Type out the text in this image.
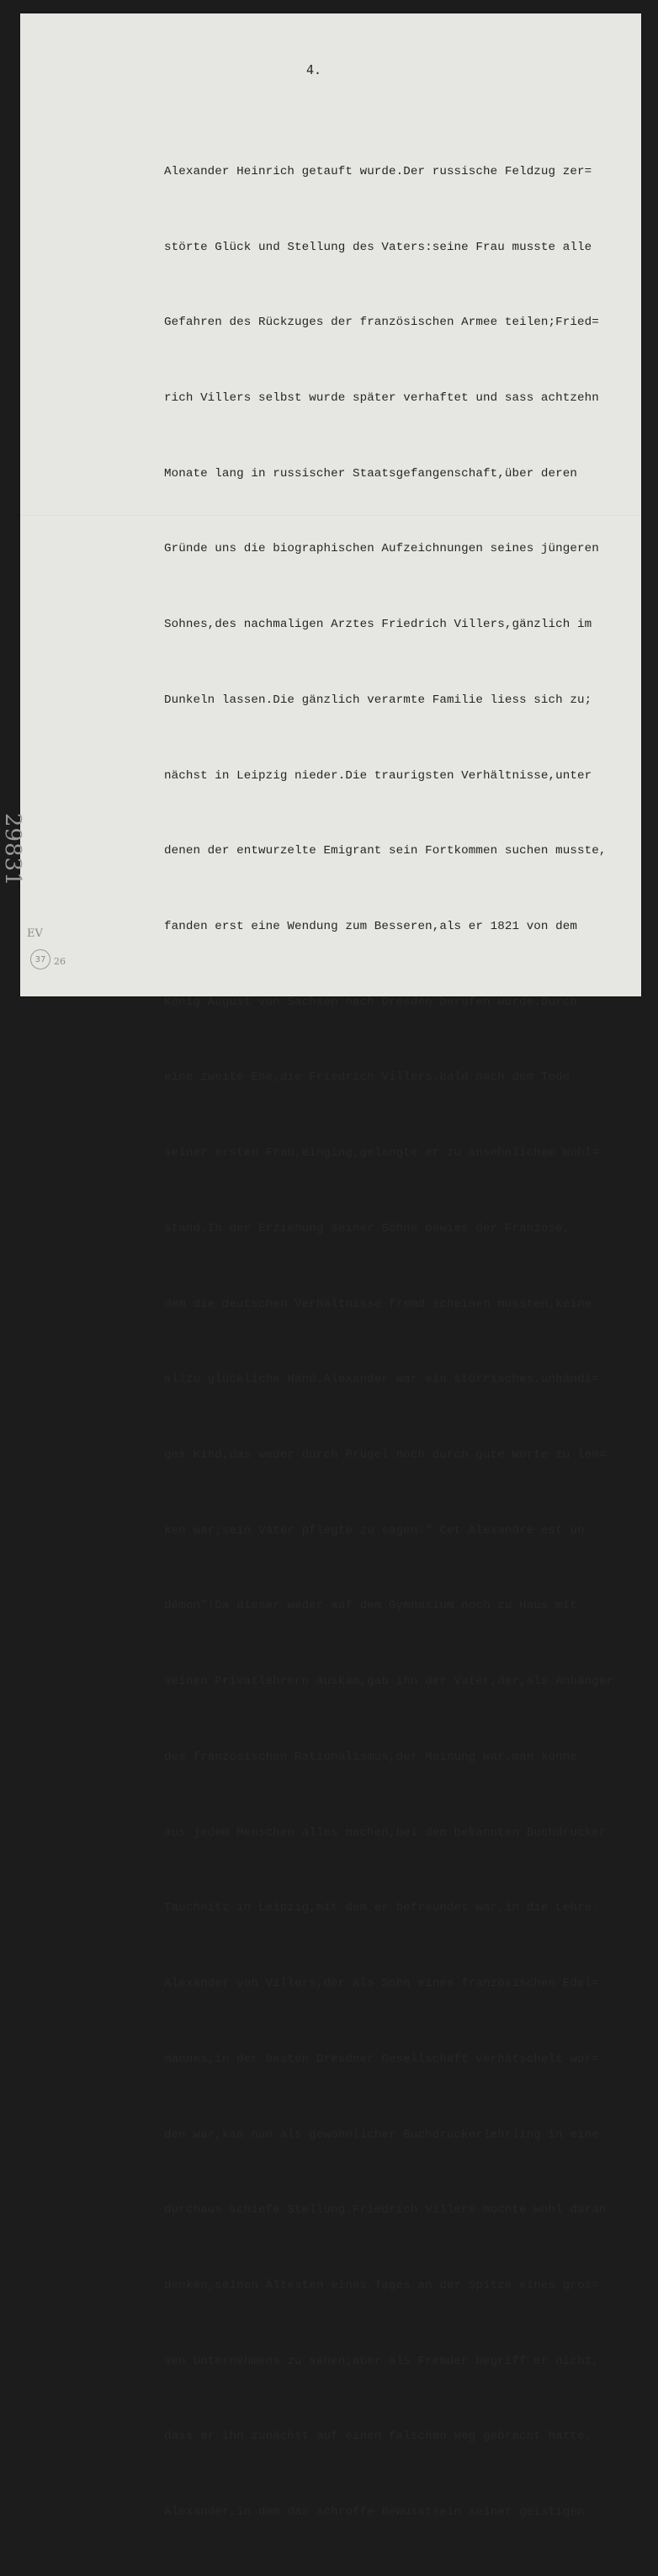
4.

Alexander Heinrich getauft wurde.Der russische Feldzug zer=

störte Glück und Stellung des Vaters:seine Frau musste alle

Gefahren des Rückzuges der französischen Armee teilen;Fried=

rich Villers selbst wurde später verhaftet und sass achtzehn

Monate lang in russischer Staatsgefangenschaft,über deren

Gründe uns die biographischen Aufzeichnungen seines jüngeren

Sohnes,des nachmaligen Arztes Friedrich Villers,gänzlich im

Dunkeln lassen.Die gänzlich verarmte Familie liess sich zu;

nächst in Leipzig nieder.Die traurigsten Verhältnisse,unter

denen der entwurzelte Emigrant sein Fortkommen suchen musste,

fanden erst eine Wendung zum Besseren,als er 1821 von dem

König August von Sachsen nach Dresden berufen wurde.Durch

eine zweite Ehe,die Friedrich Villers,bald nach dem Tode

seiner ersten Frau,einging,gelangte er zu ansehnlichem Wohl=

stand.In der Erziehung seiner Söhne bewies der Franzose,

dem die deutschen Verhältnisse fremd scheinen mussten,keine

allzu glückliche Hand.Alexander war ein störrisches,unbändi=

ges Kind,das weder durch Prügel noch durch gute Worte zu len=

ken war;sein Vater pflegte zu sagen:" Cet Alexandre est un

démon"!Da dieser weder auf dem Gymnasium noch zu Haus mit

seinen Privatlehrern auskam,gab ihn der Vater,der,als Anhänger

des französischen Rationalismus,der Meinung war,man könne

aus jedem Menschen alles machen,bei dem bekannten Buchdrucker

Tauchnitz in Leipzig,mit dem er befreundet war,in die Lehre.

Alexander von Villers,der als Sohn eines französischen Edel=

mannes,in der besten Dresdner Gesellschaft verhätschelt wor=

den war,kam nun als gewöhnlicher Buchdruckerlehrling in eine

durchaus schiefe Stellung.Friedrich Villers mochte wohl daran

denken,seinen Ältesten eines Tages an der Spitze eines gros=

sen Unternehmens zu sehen;aber als Fremder begriff er nicht,

dass er ihn zunächst auf einen falschen Weg gebracht hatte.

Alexander,in dem das schroffe Bewusstsein seiner geistigen

29831
EV
37 26
